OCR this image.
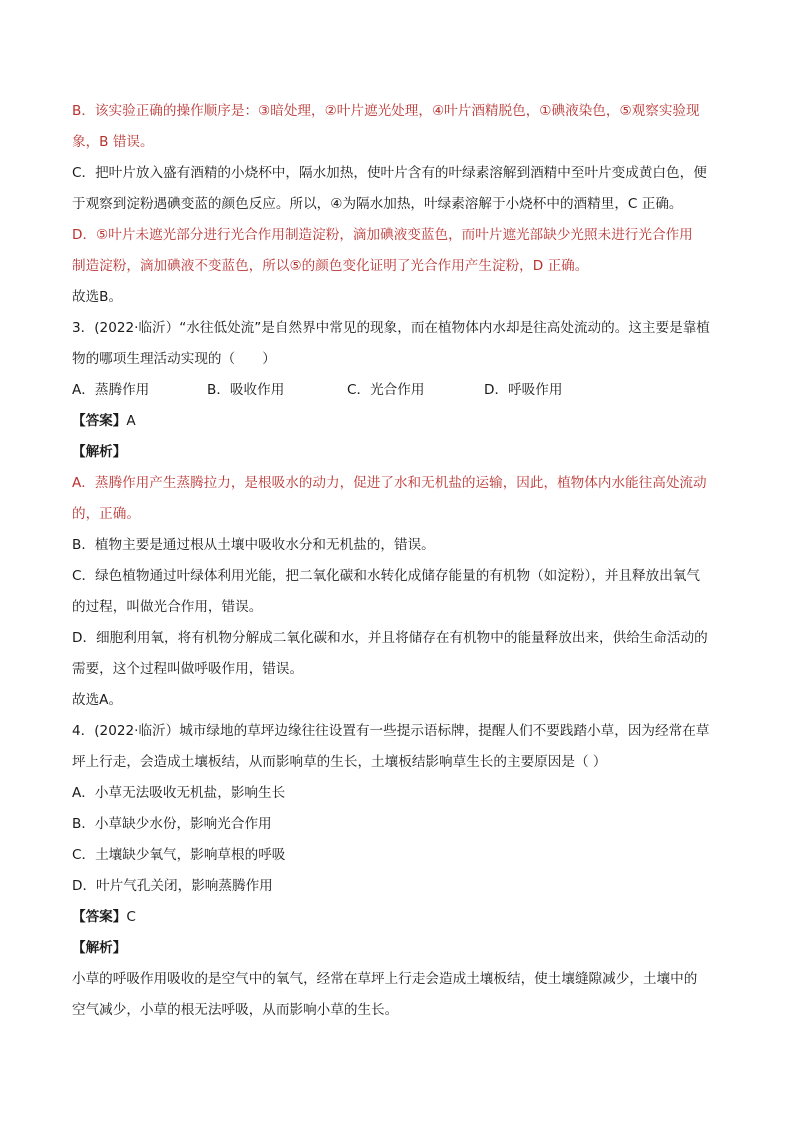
B．该实验正确的操作顺序是：③暗处理，②叶片遮光处理，④叶片酒精脱色，①碘液染色，⑤观察实验现
象，B 错误。
C．把叶片放入盛有酒精的小烧杯中，隔水加热，使叶片含有的叶绿素溶解到酒精中至叶片变成黄白色，便
于观察到淀粉遇碘变蓝的颜色反应。所以，④为隔水加热，叶绿素溶解于小烧杯中的酒精里，C 正确。
D．⑤叶片未遮光部分进行光合作用制造淀粉，滴加碘液变蓝色，而叶片遮光部缺少光照未进行光合作用
制造淀粉，滴加碘液不变蓝色，所以⑤的颜色变化证明了光合作用产生淀粉，D 正确。
故选B。
3．(2022·临沂）“水往低处流”是自然界中常见的现象，而在植物体内水却是往高处流动的。这主要是靠植
物的哪项生理活动实现的（　　）
A．蒸腾作用	B．吸收作用	C．光合作用	D．呼吸作用
【答案】A
【解析】
A．蒸腾作用产生蒸腾拉力，是根吸水的动力，促进了水和无机盐的运输，因此，植物体内水能往高处流动
的，正确。
B．植物主要是通过根从土壤中吸收水分和无机盐的，错误。
C．绿色植物通过叶绿体利用光能，把二氧化碳和水转化成储存能量的有机物（如淀粉），并且释放出氧气
的过程，叫做光合作用，错误。
D．细胞利用氧，将有机物分解成二氧化碳和水，并且将储存在有机物中的能量释放出来，供给生命活动的
需要，这个过程叫做呼吸作用，错误。
故选A。
4．(2022·临沂）城市绿地的草坪边缘往往设置有一些提示语标牌，提醒人们不要践踏小草，因为经常在草
坪上行走，会造成土壤板结，从而影响草的生长，土壤板结影响草生长的主要原因是（ ）
A．小草无法吸收无机盐，影响生长
B．小草缺少水份，影响光合作用
C．土壤缺少氧气，影响草根的呼吸
D．叶片气孔关闭，影响蒸腾作用
【答案】C
【解析】
小草的呼吸作用吸收的是空气中的氧气，经常在草坪上行走会造成土壤板结，使土壤缝隙减少，土壤中的
空气减少，小草的根无法呼吸，从而影响小草的生长。
